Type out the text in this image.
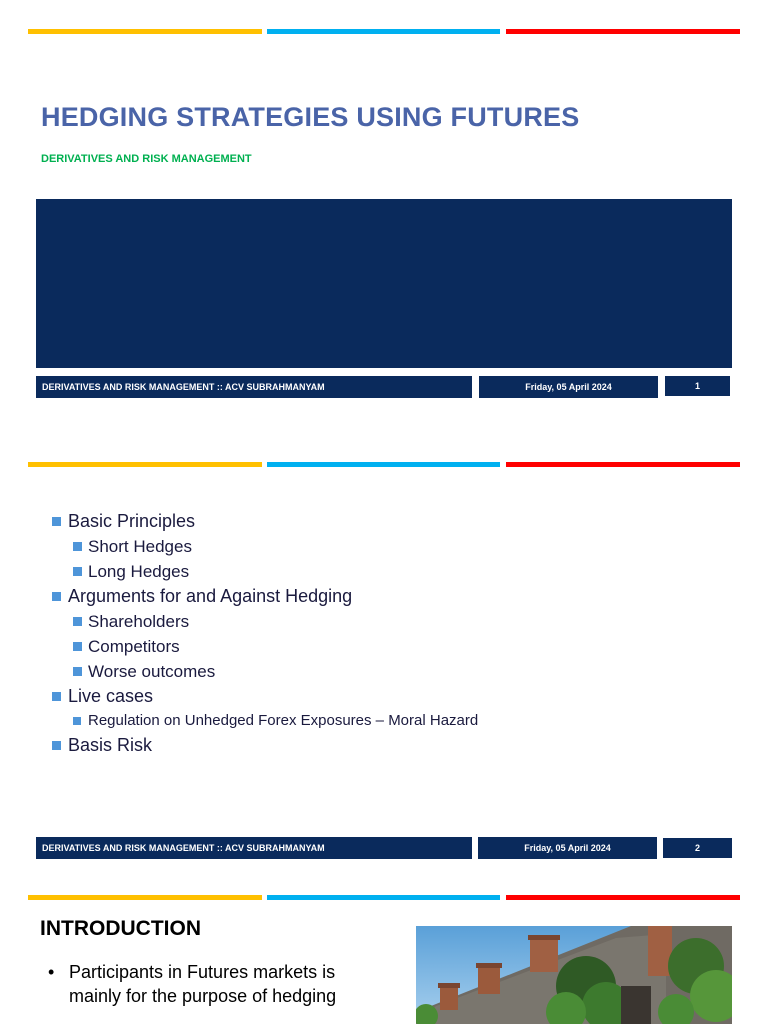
HEDGING STRATEGIES USING FUTURES
DERIVATIVES AND RISK MANAGEMENT
DERIVATIVES AND RISK MANAGEMENT :: ACV SUBRAHMANYAM	Friday, 05 April 2024	1
Basic Principles
Short Hedges
Long Hedges
Arguments for and Against Hedging
Shareholders
Competitors
Worse outcomes
Live cases
Regulation on Unhedged Forex Exposures – Moral Hazard
Basis Risk
DERIVATIVES AND RISK MANAGEMENT :: ACV SUBRAHMANYAM	Friday, 05 April 2024	2
INTRODUCTION
• Participants in Futures markets is mainly for the purpose of hedging
